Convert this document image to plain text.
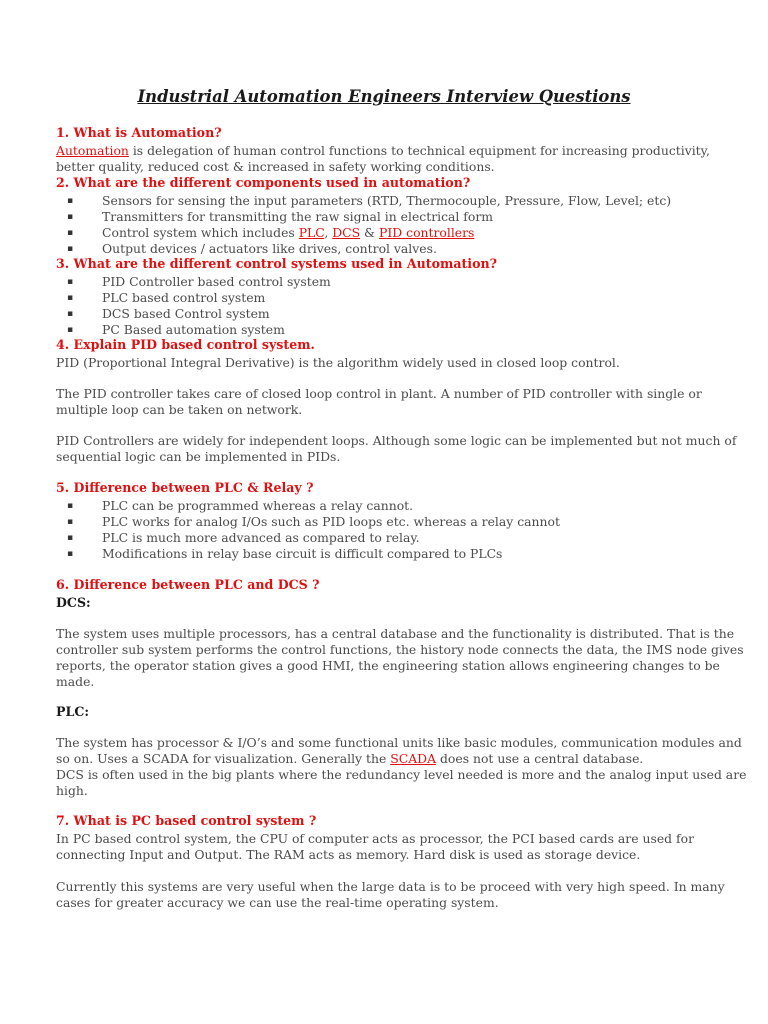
Industrial Automation Engineers Interview Questions
1. What is Automation?
Automation is delegation of human control functions to technical equipment for increasing productivity,
better quality, reduced cost & increased in safety working conditions.
2. What are the different components used in automation?
▪ Sensors for sensing the input parameters (RTD, Thermocouple, Pressure, Flow, Level; etc)
▪ Transmitters for transmitting the raw signal in electrical form
▪ Control system which includes PLC, DCS & PID controllers
▪ Output devices / actuators like drives, control valves.
3. What are the different control systems used in Automation?
▪ PID Controller based control system
▪ PLC based control system
▪ DCS based Control system
▪ PC Based automation system
4. Explain PID based control system.
PID (Proportional Integral Derivative) is the algorithm widely used in closed loop control.
The PID controller takes care of closed loop control in plant. A number of PID controller with single or
multiple loop can be taken on network.
PID Controllers are widely for independent loops. Although some logic can be implemented but not much of
sequential logic can be implemented in PIDs.
5. Difference between PLC & Relay ?
▪ PLC can be programmed whereas a relay cannot.
▪ PLC works for analog I/Os such as PID loops etc. whereas a relay cannot
▪ PLC is much more advanced as compared to relay.
▪ Modifications in relay base circuit is difficult compared to PLCs
6. Difference between PLC and DCS ?
DCS:
The system uses multiple processors, has a central database and the functionality is distributed. That is the
controller sub system performs the control functions, the history node connects the data, the IMS node gives
reports, the operator station gives a good HMI, the engineering station allows engineering changes to be
made.
PLC:
The system has processor & I/O’s and some functional units like basic modules, communication modules and
so on. Uses a SCADA for visualization. Generally the SCADA does not use a central database.
DCS is often used in the big plants where the redundancy level needed is more and the analog input used are
high.
7. What is PC based control system ?
In PC based control system, the CPU of computer acts as processor, the PCI based cards are used for
connecting Input and Output. The RAM acts as memory. Hard disk is used as storage device.
Currently this systems are very useful when the large data is to be proceed with very high speed. In many
cases for greater accuracy we can use the real-time operating system.
